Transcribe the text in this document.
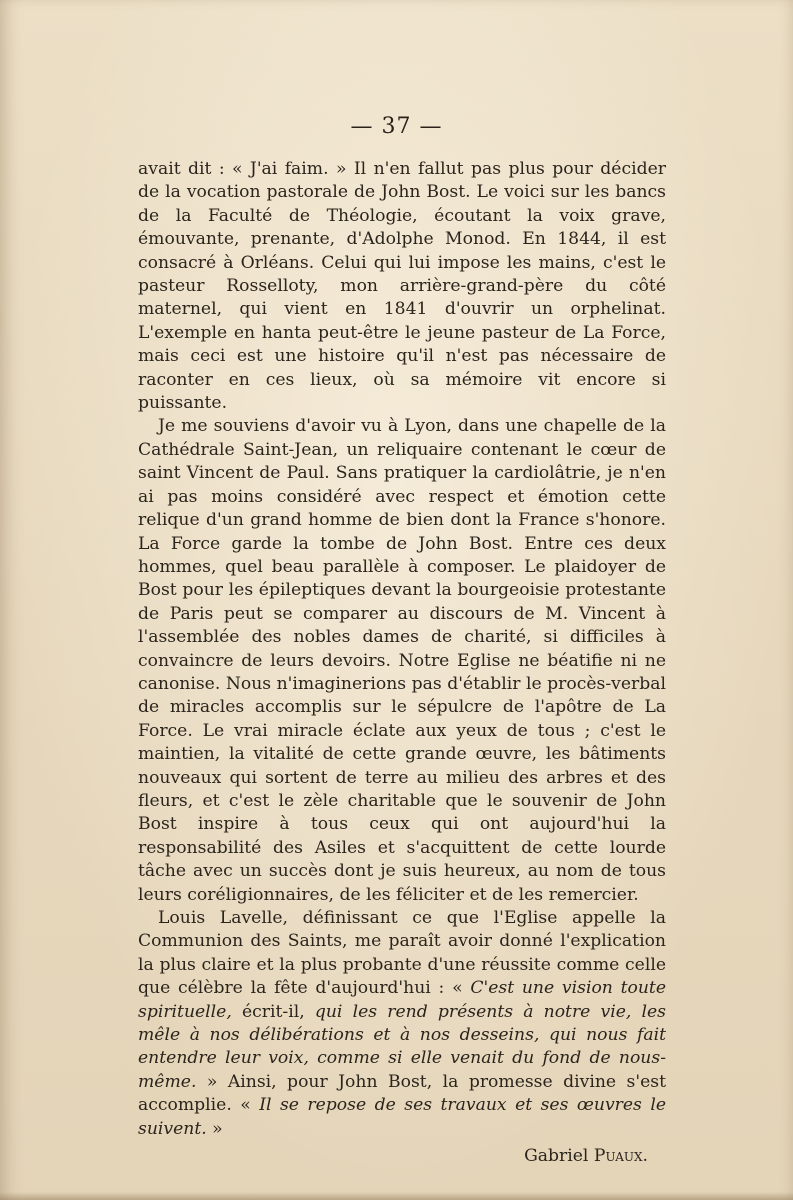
— 37 —

avait dit : « J'ai faim. » Il n'en fallut pas plus pour décider de la vocation pastorale de John Bost. Le voici sur les bancs de la Faculté de Théologie, écoutant la voix grave, émouvante, prenante, d'Adolphe Monod. En 1844, il est consacré à Orléans. Celui qui lui impose les mains, c'est le pasteur Rosselloty, mon arrière-grand-père du côté maternel, qui vient en 1841 d'ouvrir un orphelinat. L'exemple en hanta peut-être le jeune pasteur de La Force, mais ceci est une histoire qu'il n'est pas nécessaire de raconter en ces lieux, où sa mémoire vit encore si puissante.

Je me souviens d'avoir vu à Lyon, dans une chapelle de la Cathédrale Saint-Jean, un reliquaire contenant le cœur de saint Vincent de Paul. Sans pratiquer la cardiolâtrie, je n'en ai pas moins considéré avec respect et émotion cette relique d'un grand homme de bien dont la France s'honore. La Force garde la tombe de John Bost. Entre ces deux hommes, quel beau parallèle à composer. Le plaidoyer de Bost pour les épileptiques devant la bourgeoisie protestante de Paris peut se comparer au discours de M. Vincent à l'assemblée des nobles dames de charité, si difficiles à convaincre de leurs devoirs. Notre Eglise ne béatifie ni ne canonise. Nous n'imaginerions pas d'établir le procès-verbal de miracles accomplis sur le sépulcre de l'apôtre de La Force. Le vrai miracle éclate aux yeux de tous ; c'est le maintien, la vitalité de cette grande œuvre, les bâtiments nouveaux qui sortent de terre au milieu des arbres et des fleurs, et c'est le zèle charitable que le souvenir de John Bost inspire à tous ceux qui ont aujourd'hui la responsabilité des Asiles et s'acquittent de cette lourde tâche avec un succès dont je suis heureux, au nom de tous leurs coréligionnaires, de les féliciter et de les remercier.

Louis Lavelle, définissant ce que l'Eglise appelle la Communion des Saints, me paraît avoir donné l'explication la plus claire et la plus probante d'une réussite comme celle que célèbre la fête d'aujourd'hui : « C'est une vision toute spirituelle, écrit-il, qui les rend présents à notre vie, les mêle à nos délibérations et à nos desseins, qui nous fait entendre leur voix, comme si elle venait du fond de nous-même. » Ainsi, pour John Bost, la promesse divine s'est accomplie. « Il se repose de ses travaux et ses œuvres le suivent. »

Gabriel Puaux.
